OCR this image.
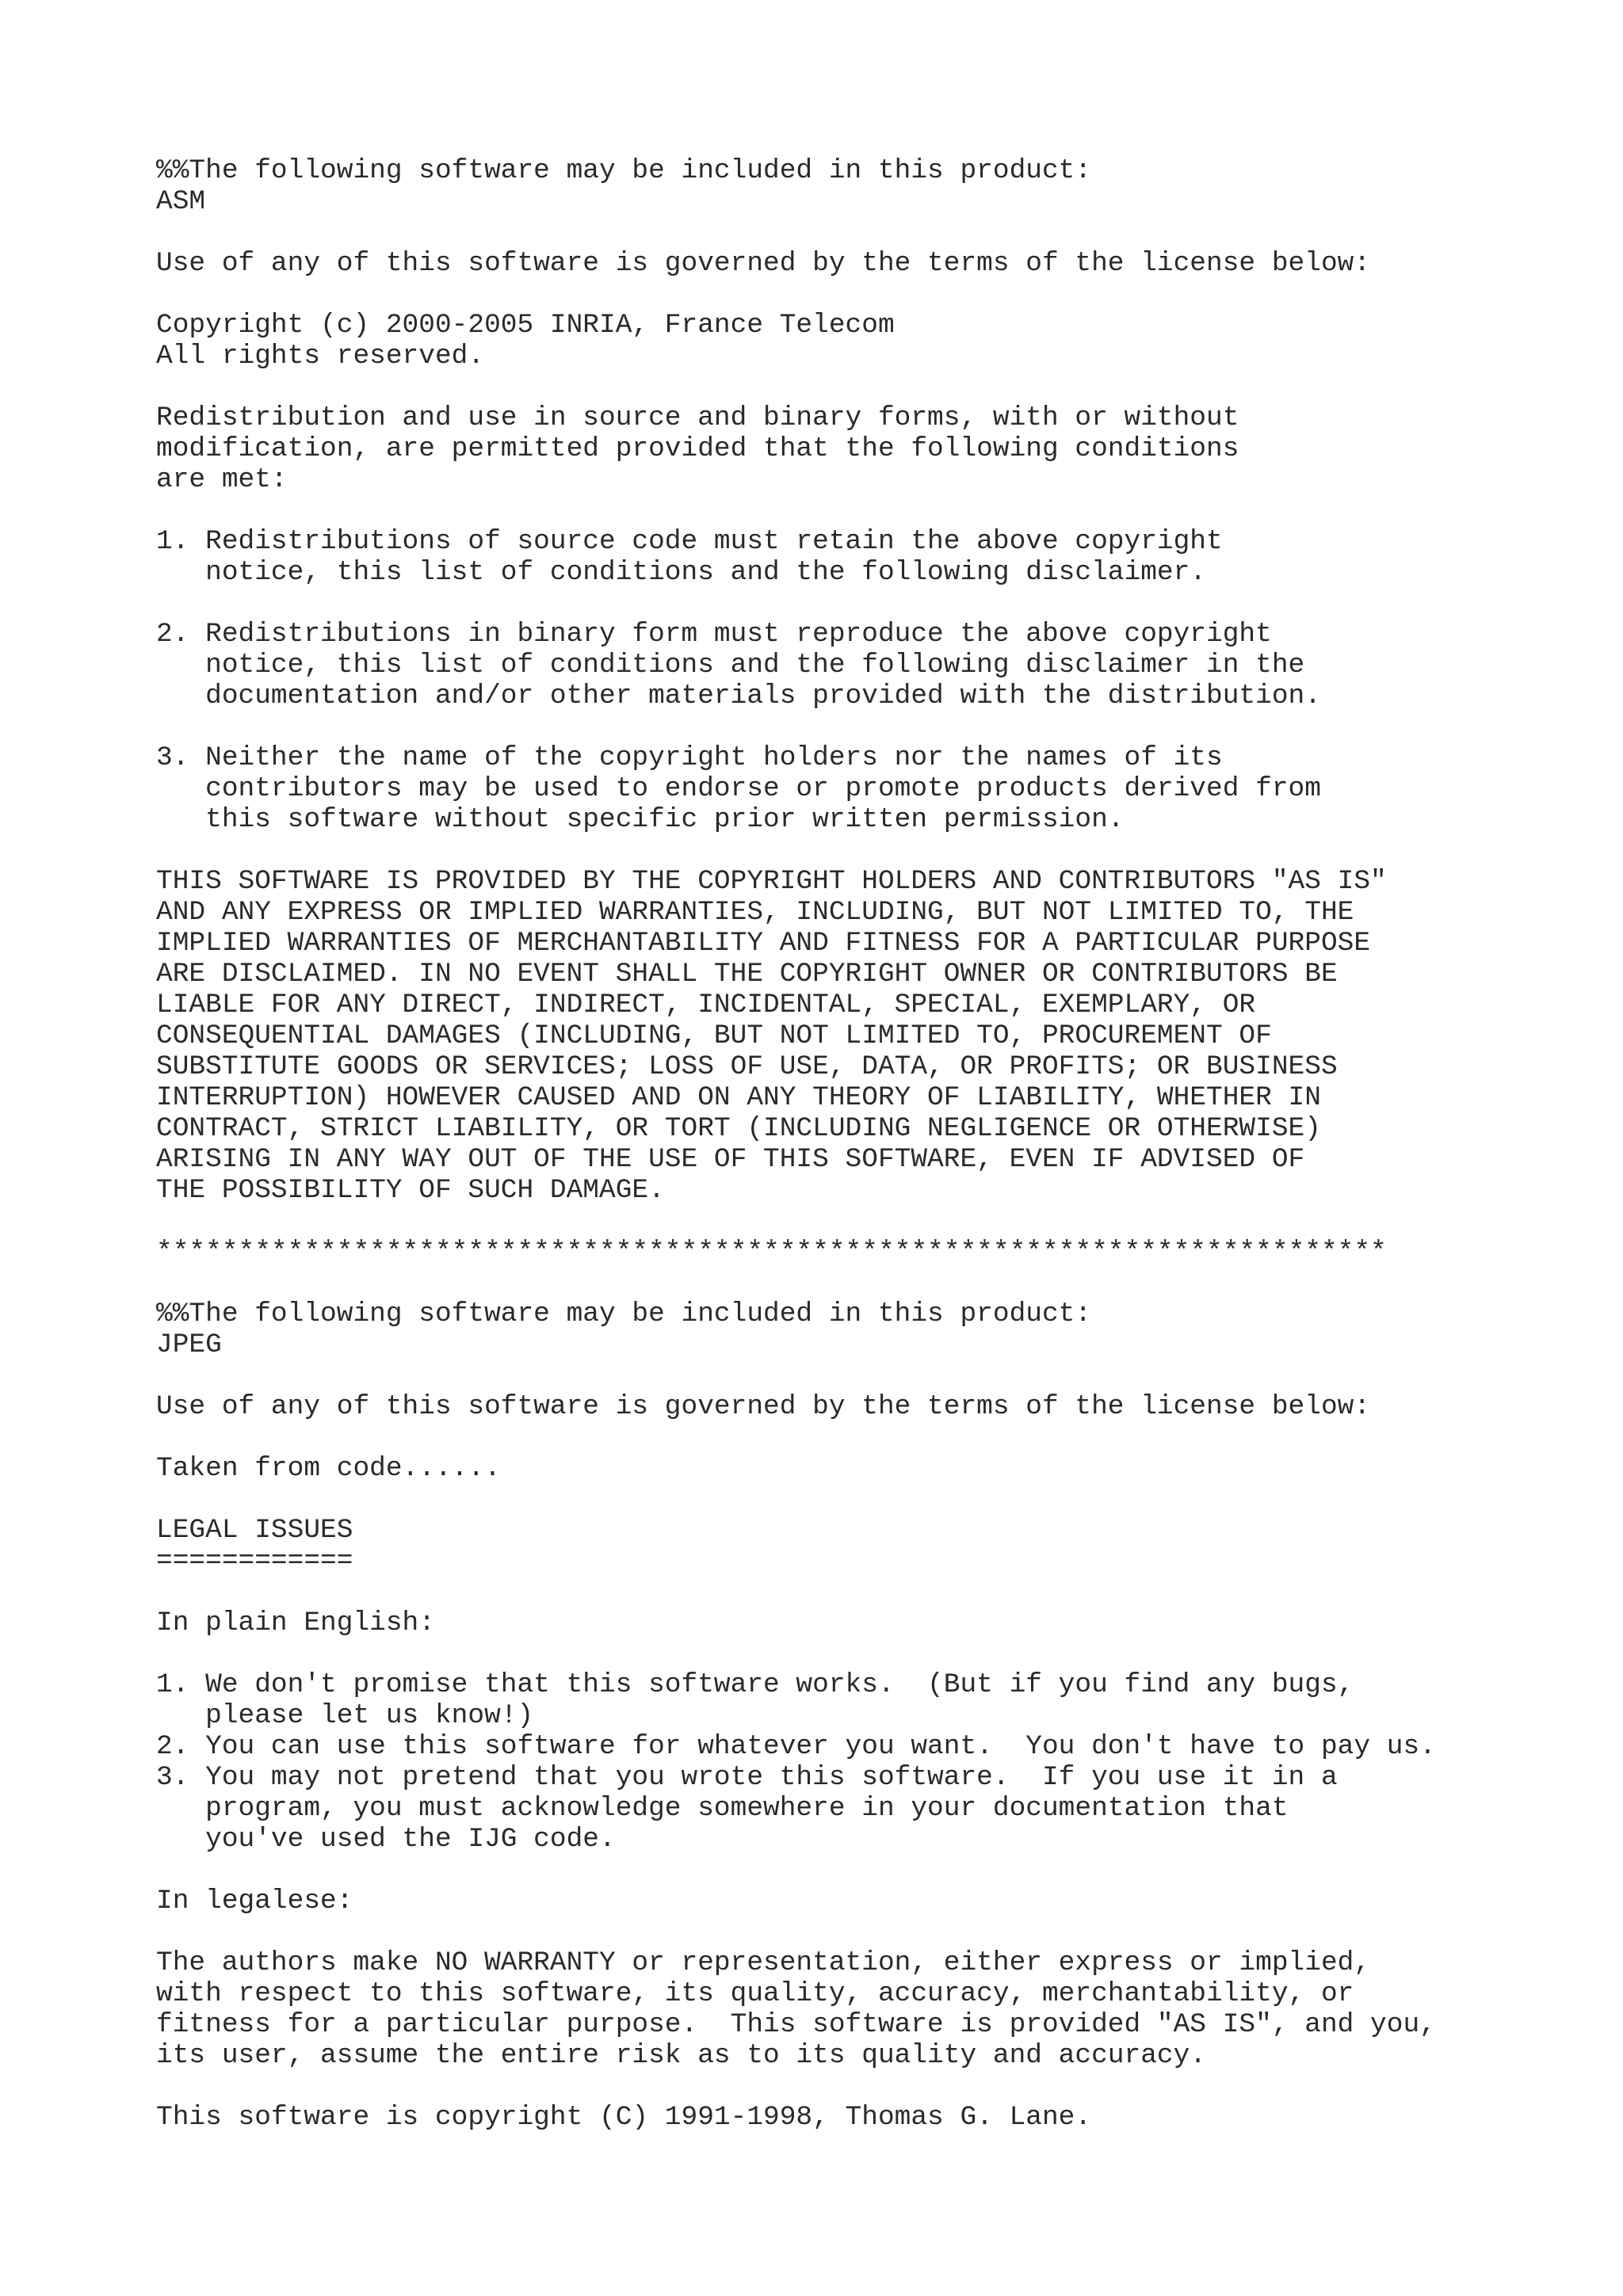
%%The following software may be included in this product:
ASM
Use of any of this software is governed by the terms of the license below:
Copyright (c) 2000-2005 INRIA, France Telecom
All rights reserved.
Redistribution and use in source and binary forms, with or without
modification, are permitted provided that the following conditions
are met:
1. Redistributions of source code must retain the above copyright
notice, this list of conditions and the following disclaimer.
2. Redistributions in binary form must reproduce the above copyright
notice, this list of conditions and the following disclaimer in the
documentation and/or other materials provided with the distribution.
3. Neither the name of the copyright holders nor the names of its
contributors may be used to endorse or promote products derived from
this software without specific prior written permission.
THIS SOFTWARE IS PROVIDED BY THE COPYRIGHT HOLDERS AND CONTRIBUTORS "AS IS"
AND ANY EXPRESS OR IMPLIED WARRANTIES, INCLUDING, BUT NOT LIMITED TO, THE
IMPLIED WARRANTIES OF MERCHANTABILITY AND FITNESS FOR A PARTICULAR PURPOSE
ARE DISCLAIMED. IN NO EVENT SHALL THE COPYRIGHT OWNER OR CONTRIBUTORS BE
LIABLE FOR ANY DIRECT, INDIRECT, INCIDENTAL, SPECIAL, EXEMPLARY, OR
CONSEQUENTIAL DAMAGES (INCLUDING, BUT NOT LIMITED TO, PROCUREMENT OF
SUBSTITUTE GOODS OR SERVICES; LOSS OF USE, DATA, OR PROFITS; OR BUSINESS
INTERRUPTION) HOWEVER CAUSED AND ON ANY THEORY OF LIABILITY, WHETHER IN
CONTRACT, STRICT LIABILITY, OR TORT (INCLUDING NEGLIGENCE OR OTHERWISE)
ARISING IN ANY WAY OUT OF THE USE OF THIS SOFTWARE, EVEN IF ADVISED OF
THE POSSIBILITY OF SUCH DAMAGE.
***************************************************************************
%%The following software may be included in this product:
JPEG
Use of any of this software is governed by the terms of the license below:
Taken from code......
LEGAL ISSUES
============
In plain English:
1. We don't promise that this software works.  (But if you find any bugs,
please let us know!)
2. You can use this software for whatever you want.  You don't have to pay us.
3. You may not pretend that you wrote this software.  If you use it in a
program, you must acknowledge somewhere in your documentation that
you've used the IJG code.
In legalese:
The authors make NO WARRANTY or representation, either express or implied,
with respect to this software, its quality, accuracy, merchantability, or
fitness for a particular purpose.  This software is provided "AS IS", and you,
its user, assume the entire risk as to its quality and accuracy.
This software is copyright (C) 1991-1998, Thomas G. Lane.
